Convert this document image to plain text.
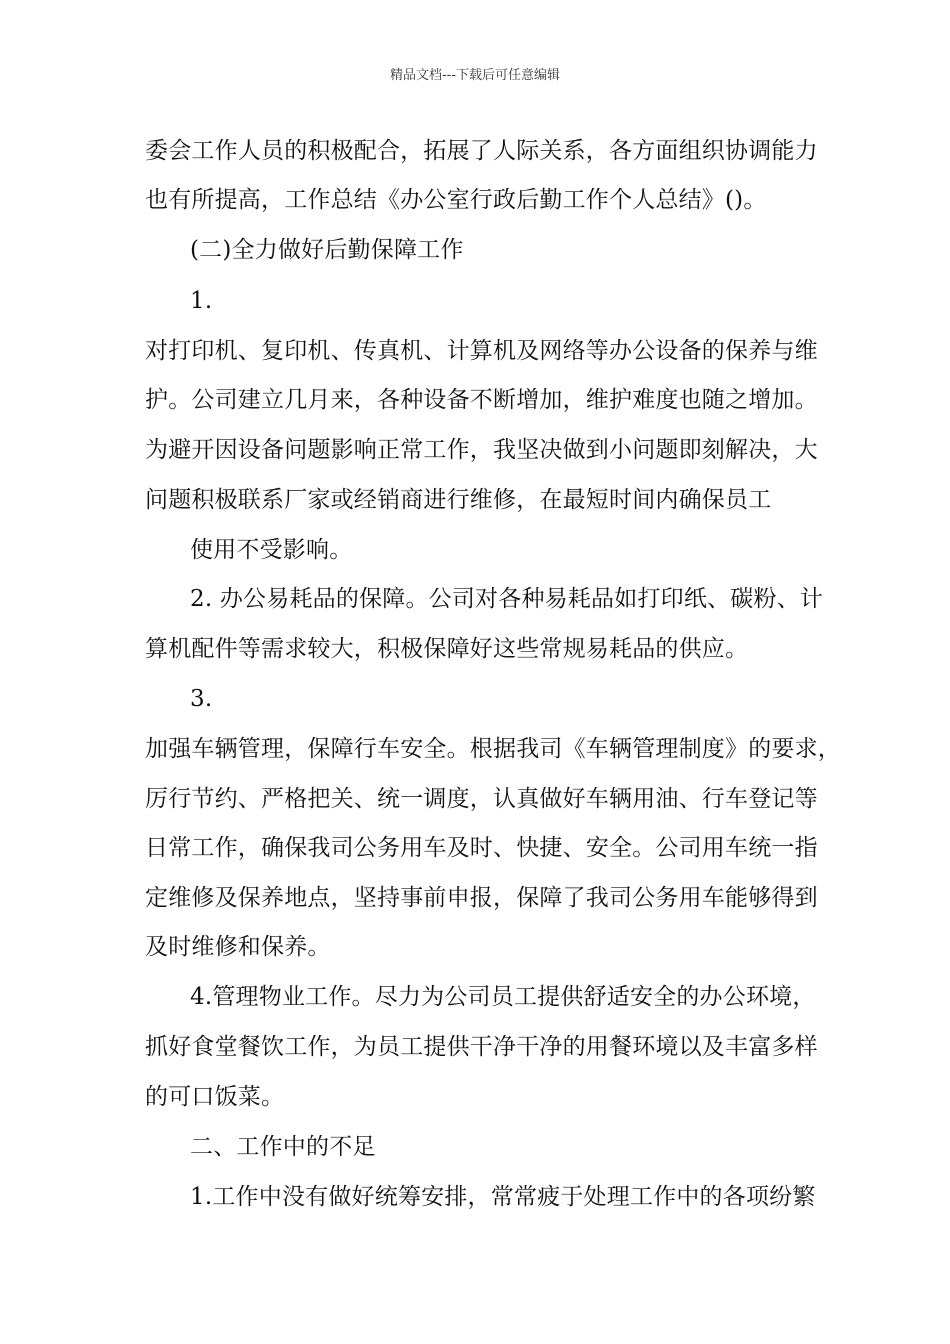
精品文档---下载后可任意编辑
委会工作人员的积极配合，拓展了人际关系，各方面组织协调能力
也有所提高，工作总结《办公室行政后勤工作个人总结》()。
(二)全力做好后勤保障工作
1.
对打印机、复印机、传真机、计算机及网络等办公设备的保养与维
护。公司建立几月来，各种设备不断增加，维护难度也随之增加。
为避开因设备问题影响正常工作，我坚决做到小问题即刻解决，大
问题积极联系厂家或经销商进行维修，在最短时间内确保员工
使用不受影响。
2. 办公易耗品的保障。公司对各种易耗品如打印纸、碳粉、计
算机配件等需求较大，积极保障好这些常规易耗品的供应。
3.
加强车辆管理，保障行车安全。根据我司《车辆管理制度》的要求，
厉行节约、严格把关、统一调度，认真做好车辆用油、行车登记等
日常工作，确保我司公务用车及时、快捷、安全。公司用车统一指
定维修及保养地点，坚持事前申报，保障了我司公务用车能够得到
及时维修和保养。
4.管理物业工作。尽力为公司员工提供舒适安全的办公环境，
抓好食堂餐饮工作，为员工提供干净干净的用餐环境以及丰富多样
的可口饭菜。
二、工作中的不足
1.工作中没有做好统筹安排，常常疲于处理工作中的各项纷繁
